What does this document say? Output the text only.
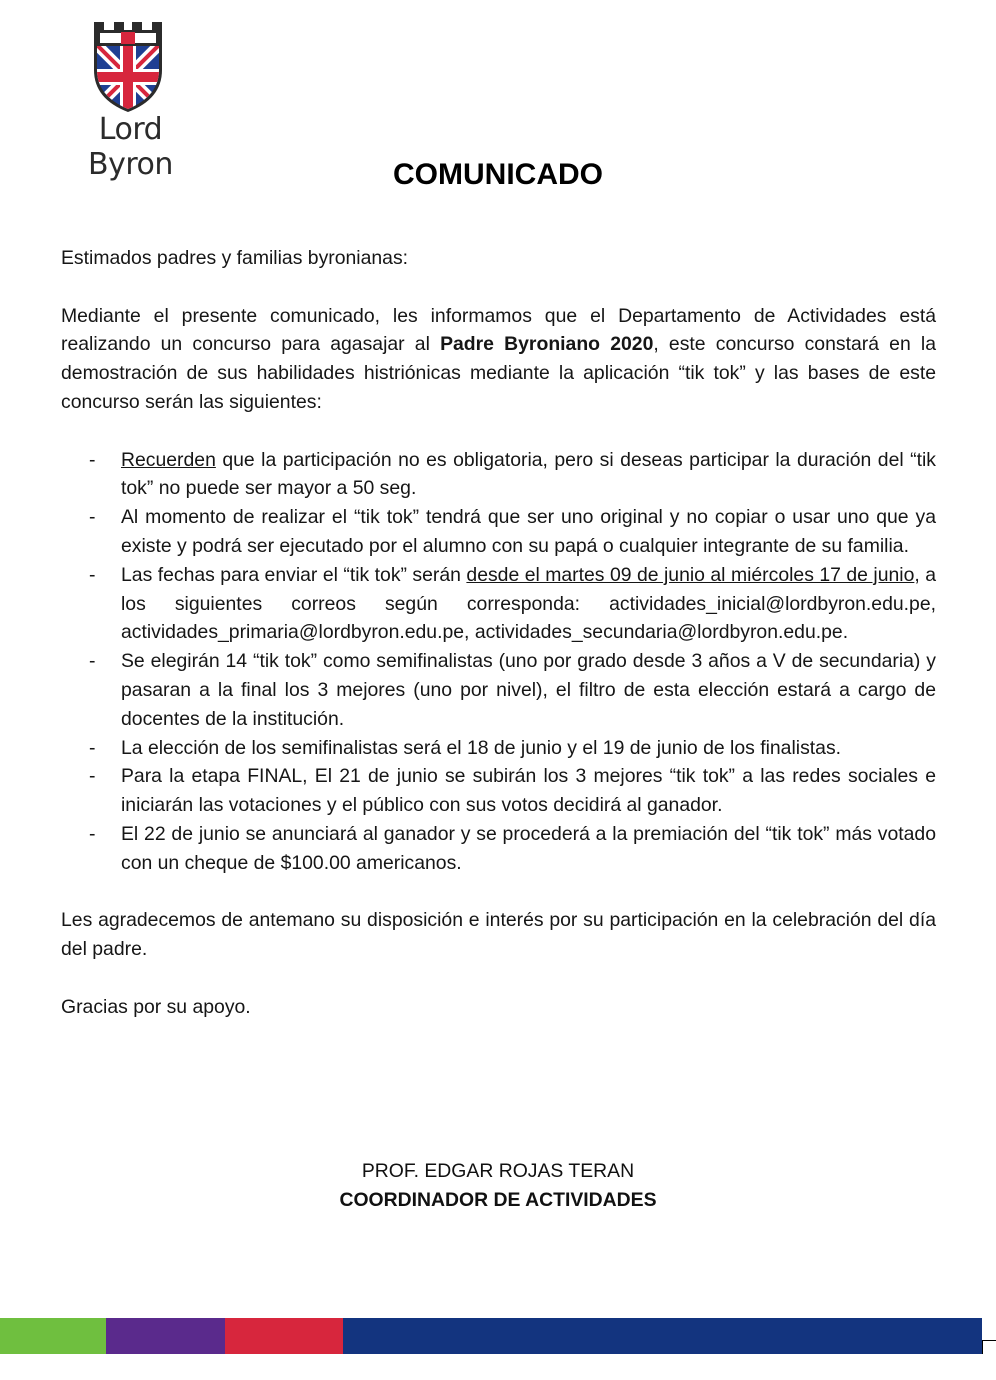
Lord Byron	COMUNICADO

Estimados padres y familias byronianas:

Mediante el presente comunicado, les informamos que el Departamento de Actividades está realizando un concurso para agasajar al Padre Byroniano 2020, este concurso constará en la demostración de sus habilidades histriónicas mediante la aplicación “tik tok” y las bases de este concurso serán las siguientes:

- Recuerden que la participación no es obligatoria, pero si deseas participar la duración del “tik tok” no puede ser mayor a 50 seg.
- Al momento de realizar el “tik tok” tendrá que ser uno original y no copiar o usar uno que ya existe y podrá ser ejecutado por el alumno con su papá o cualquier integrante de su familia.
- Las fechas para enviar el “tik tok” serán desde el martes 09 de junio al miércoles 17 de junio, a los siguientes correos según corresponda: actividades_inicial@lordbyron.edu.pe, actividades_primaria@lordbyron.edu.pe, actividades_secundaria@lordbyron.edu.pe.
- Se elegirán 14 “tik tok” como semifinalistas (uno por grado desde 3 años a V de secundaria) y pasaran a la final los 3 mejores (uno por nivel), el filtro de esta elección estará a cargo de docentes de la institución.
- La elección de los semifinalistas será el 18 de junio y el 19 de junio de los finalistas.
- Para la etapa FINAL, El 21 de junio se subirán los 3 mejores “tik tok” a las redes sociales e iniciarán las votaciones y el público con sus votos decidirá al ganador.
- El 22 de junio se anunciará al ganador y se procederá a la premiación del “tik tok” más votado con un cheque de $100.00 americanos.

Les agradecemos de antemano su disposición e interés por su participación en la celebración del día del padre.

Gracias por su apoyo.

PROF. EDGAR ROJAS TERAN
COORDINADOR DE ACTIVIDADES
